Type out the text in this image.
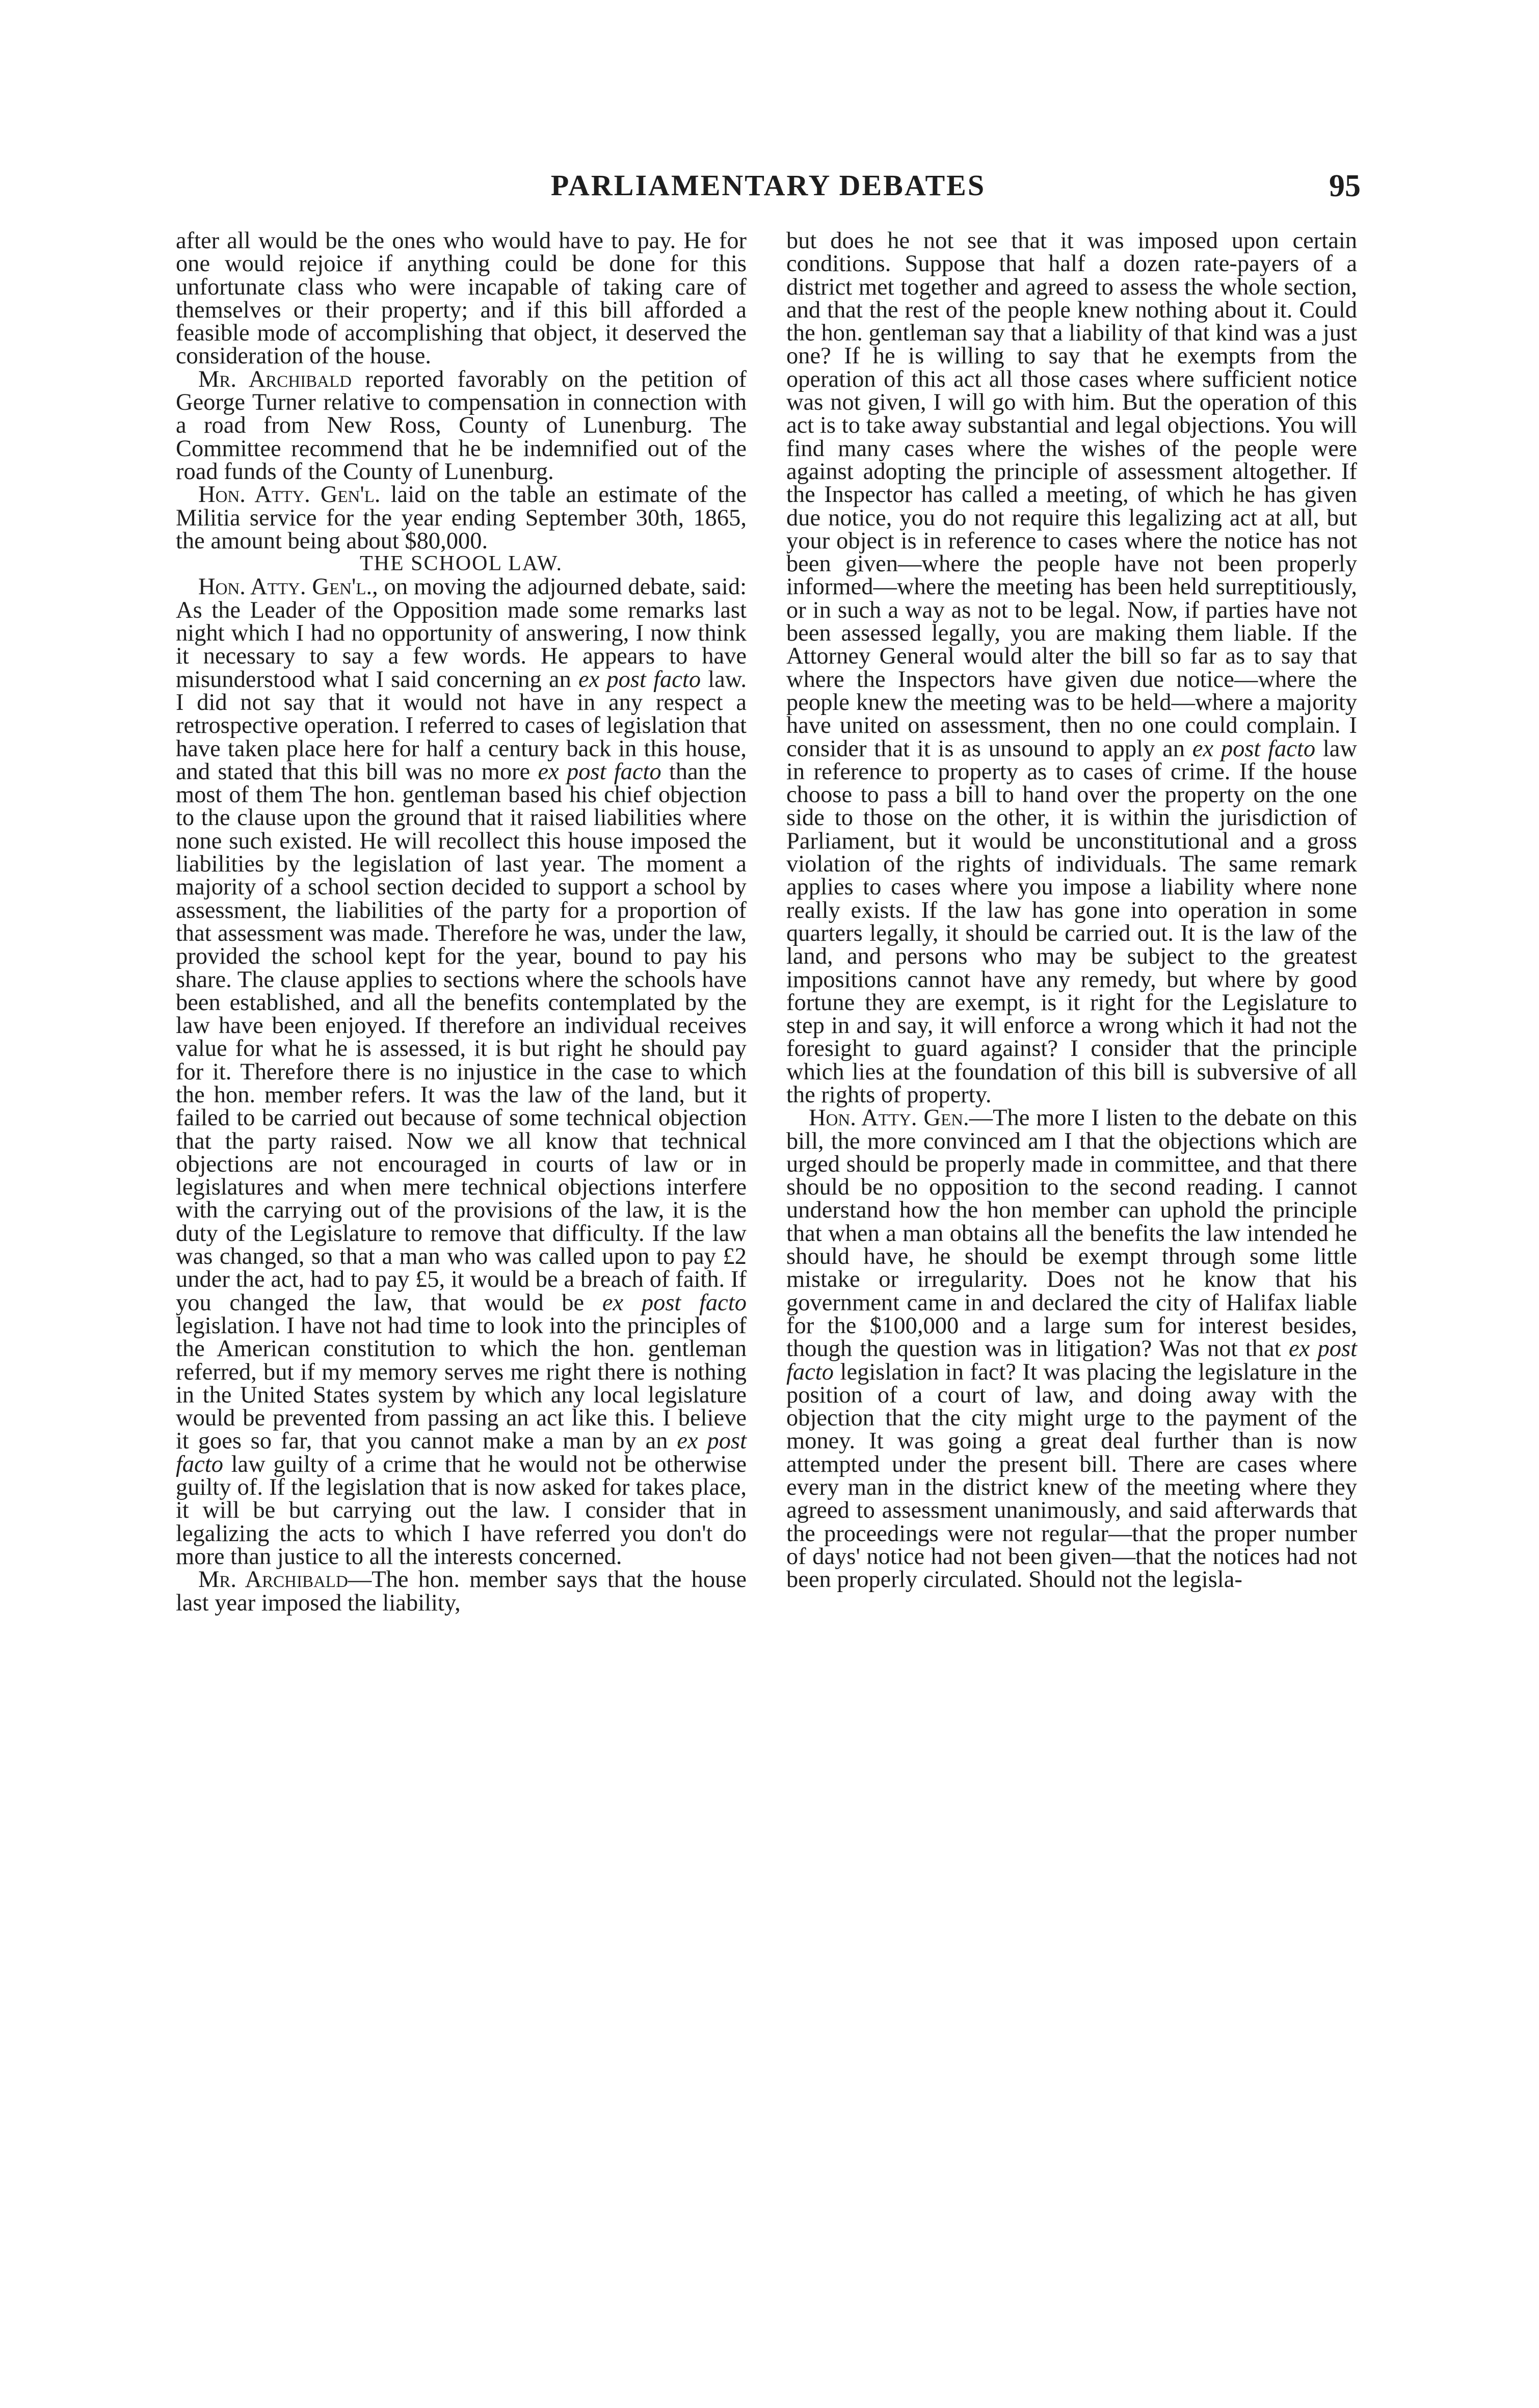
PARLIAMENTARY DEBATES	95

after all would be the ones who would have to pay. He for one would rejoice if anything could be done for this unfortunate class who were incapable of taking care of themselves or their property; and if this bill afforded a feasible mode of accomplishing that object, it deserved the consideration of the house.

Mr. Archibald reported favorably on the petition of George Turner relative to compensation in connection with a road from New Ross, County of Lunenburg. The Committee recommend that he be indemnified out of the road funds of the County of Lunenburg.

Hon. Atty. Gen'l. laid on the table an estimate of the Militia service for the year ending September 30th, 1865, the amount being about $80,000.

THE SCHOOL LAW.

Hon. Atty. Gen'l., on moving the adjourned debate, said: As the Leader of the Opposition made some remarks last night which I had no opportunity of answering, I now think it necessary to say a few words. He appears to have misunderstood what I said concerning an ex post facto law. I did not say that it would not have in any respect a retrospective operation. I referred to cases of legislation that have taken place here for half a century back in this house, and stated that this bill was no more ex post facto than the most of them The hon. gentleman based his chief objection to the clause upon the ground that it raised liabilities where none such existed. He will recollect this house imposed the liabilities by the legislation of last year. The moment a majority of a school section decided to support a school by assessment, the liabilities of the party for a proportion of that assessment was made. Therefore he was, under the law, provided the school kept for the year, bound to pay his share. The clause applies to sections where the schools have been established, and all the benefits contemplated by the law have been enjoyed. If therefore an individual receives value for what he is assessed, it is but right he should pay for it. Therefore there is no injustice in the case to which the hon. member refers. It was the law of the land, but it failed to be carried out because of some technical objection that the party raised. Now we all know that technical objections are not encouraged in courts of law or in legislatures and when mere technical objections interfere with the carrying out of the provisions of the law, it is the duty of the Legislature to remove that difficulty. If the law was changed, so that a man who was called upon to pay £2 under the act, had to pay £5, it would be a breach of faith. If you changed the law, that would be ex post facto legislation. I have not had time to look into the principles of the American constitution to which the hon. gentleman referred, but if my memory serves me right there is nothing in the United States system by which any local legislature would be prevented from passing an act like this. I believe it goes so far, that you cannot make a man by an ex post facto law guilty of a crime that he would not be otherwise guilty of. If the legislation that is now asked for takes place, it will be but carrying out the law. I consider that in legalizing the acts to which I have referred you don't do more than justice to all the interests concerned.

Mr. Archibald—The hon. member says that the house last year imposed the liability,

but does he not see that it was imposed upon certain conditions. Suppose that half a dozen rate-payers of a district met together and agreed to assess the whole section, and that the rest of the people knew nothing about it. Could the hon. gentleman say that a liability of that kind was a just one? If he is willing to say that he exempts from the operation of this act all those cases where sufficient notice was not given, I will go with him. But the operation of this act is to take away substantial and legal objections. You will find many cases where the wishes of the people were against adopting the principle of assessment altogether. If the Inspector has called a meeting, of which he has given due notice, you do not require this legalizing act at all, but your object is in reference to cases where the notice has not been given—where the people have not been properly informed—where the meeting has been held surreptitiously, or in such a way as not to be legal. Now, if parties have not been assessed legally, you are making them liable. If the Attorney General would alter the bill so far as to say that where the Inspectors have given due notice—where the people knew the meeting was to be held—where a majority have united on assessment, then no one could complain. I consider that it is as unsound to apply an ex post facto law in reference to property as to cases of crime. If the house choose to pass a bill to hand over the property on the one side to those on the other, it is within the jurisdiction of Parliament, but it would be unconstitutional and a gross violation of the rights of individuals. The same remark applies to cases where you impose a liability where none really exists. If the law has gone into operation in some quarters legally, it should be carried out. It is the law of the land, and persons who may be subject to the greatest impositions cannot have any remedy, but where by good fortune they are exempt, is it right for the Legislature to step in and say, it will enforce a wrong which it had not the foresight to guard against? I consider that the principle which lies at the foundation of this bill is subversive of all the rights of property.

Hon. Atty. Gen.—The more I listen to the debate on this bill, the more convinced am I that the objections which are urged should be properly made in committee, and that there should be no opposition to the second reading. I cannot understand how the hon member can uphold the principle that when a man obtains all the benefits the law intended he should have, he should be exempt through some little mistake or irregularity. Does not he know that his government came in and declared the city of Halifax liable for the $100,000 and a large sum for interest besides, though the question was in litigation? Was not that ex post facto legislation in fact? It was placing the legislature in the position of a court of law, and doing away with the objection that the city might urge to the payment of the money. It was going a great deal further than is now attempted under the present bill. There are cases where every man in the district knew of the meeting where they agreed to assessment unanimously, and said afterwards that the proceedings were not regular—that the proper number of days' notice had not been given—that the notices had not been properly circulated. Should not the legisla-
